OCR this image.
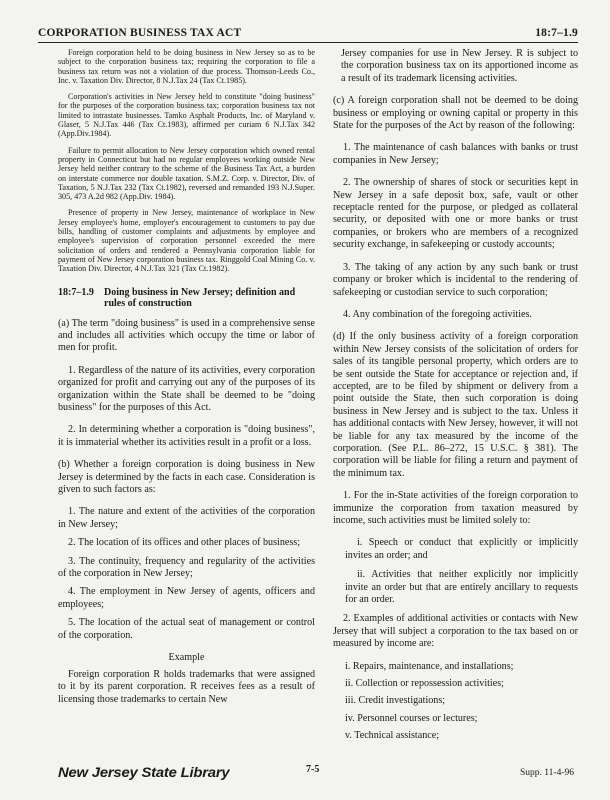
CORPORATION BUSINESS TAX ACT	18:7–1.9

Foreign corporation held to be doing business in New Jersey so as to be subject to the corporation business tax; requiring the corporation to file a business tax return was not a violation of due process. Thomson-Leeds Co., Inc. v. Taxation Div. Director, 8 N.J.Tax 24 (Tax Ct.1985).

Corporation's activities in New Jersey held to constitute "doing business" for the purposes of the corporation business tax; corporation business tax not limited to intrastate businesses. Tamko Asphalt Products, Inc. of Maryland v. Glaser, 5 N.J.Tax 446 (Tax Ct.1983), affirmed per curiam 6 N.J.Tax 342 (App.Div.1984).

Failure to permit allocation to New Jersey corporation which owned rental property in Connecticut but had no regular employees working outside New Jersey held neither contrary to the scheme of the Business Tax Act, a burden on interstate commerce nor double taxation. S.M.Z. Corp. v. Director, Div. of Taxation, 5 N.J.Tax 232 (Tax Ct.1982), reversed and remanded 193 N.J.Super. 305, 473 A.2d 982 (App.Div. 1984).

Presence of property in New Jersey, maintenance of workplace in New Jersey employee's home, employer's encouragement to customers to pay due bills, handling of customer complaints and adjustments by employee and employee's supervision of corporation personnel exceeded the mere solicitation of orders and rendered a Pennsylvania corporation liable for payment of New Jersey corporation business tax. Ringgold Coal Mining Co. v. Taxation Div. Director, 4 N.J.Tax 321 (Tax Ct.1982).

18:7–1.9 Doing business in New Jersey; definition and rules of construction

(a) The term "doing business" is used in a comprehensive sense and includes all activities which occupy the time or labor of men for profit.

1. Regardless of the nature of its activities, every corporation organized for profit and carrying out any of the purposes of its organization within the State shall be deemed to be "doing business" for the purposes of this Act.

2. In determining whether a corporation is "doing business", it is immaterial whether its activities result in a profit or a loss.

(b) Whether a foreign corporation is doing business in New Jersey is determined by the facts in each case. Consideration is given to such factors as:

1. The nature and extent of the activities of the corporation in New Jersey;

2. The location of its offices and other places of business;

3. The continuity, frequency and regularity of the activities of the corporation in New Jersey;

4. The employment in New Jersey of agents, officers and employees;

5. The location of the actual seat of management or control of the corporation.

Example

Foreign corporation R holds trademarks that were assigned to it by its parent corporation. R receives fees as a result of licensing those trademarks to certain New

Jersey companies for use in New Jersey. R is subject to the corporation business tax on its apportioned income as a result of its trademark licensing activities.

(c) A foreign corporation shall not be deemed to be doing business or employing or owning capital or property in this State for the purposes of the Act by reason of the following:

1. The maintenance of cash balances with banks or trust companies in New Jersey;

2. The ownership of shares of stock or securities kept in New Jersey in a safe deposit box, safe, vault or other receptacle rented for the purpose, or pledged as collateral security, or deposited with one or more banks or trust companies, or brokers who are members of a recognized security exchange, in safekeeping or custody accounts;

3. The taking of any action by any such bank or trust company or broker which is incidental to the rendering of safekeeping or custodian service to such corporation;

4. Any combination of the foregoing activities.

(d) If the only business activity of a foreign corporation within New Jersey consists of the solicitation of orders for sales of its tangible personal property, which orders are to be sent outside the State for acceptance or rejection and, if accepted, are to be filed by shipment or delivery from a point outside the State, then such corporation is doing business in New Jersey and is subject to the tax. Unless it has additional contacts with New Jersey, however, it will not be liable for any tax measured by the income of the corporation. (See P.L. 86–272, 15 U.S.C. § 381). The corporation will be liable for filing a return and payment of the minimum tax.

1. For the in-State activities of the foreign corporation to immunize the corporation from taxation measured by income, such activities must be limited solely to:

i. Speech or conduct that explicitly or implicitly invites an order; and

ii. Activities that neither explicitly nor implicitly invite an order but that are entirely ancillary to requests for an order.

2. Examples of additional activities or contacts with New Jersey that will subject a corporation to the tax based on or measured by income are:

i. Repairs, maintenance, and installations;
ii. Collection or repossession activities;
iii. Credit investigations;
iv. Personnel courses or lectures;
v. Technical assistance;
New Jersey State Library	7-5	Supp. 11-4-96
